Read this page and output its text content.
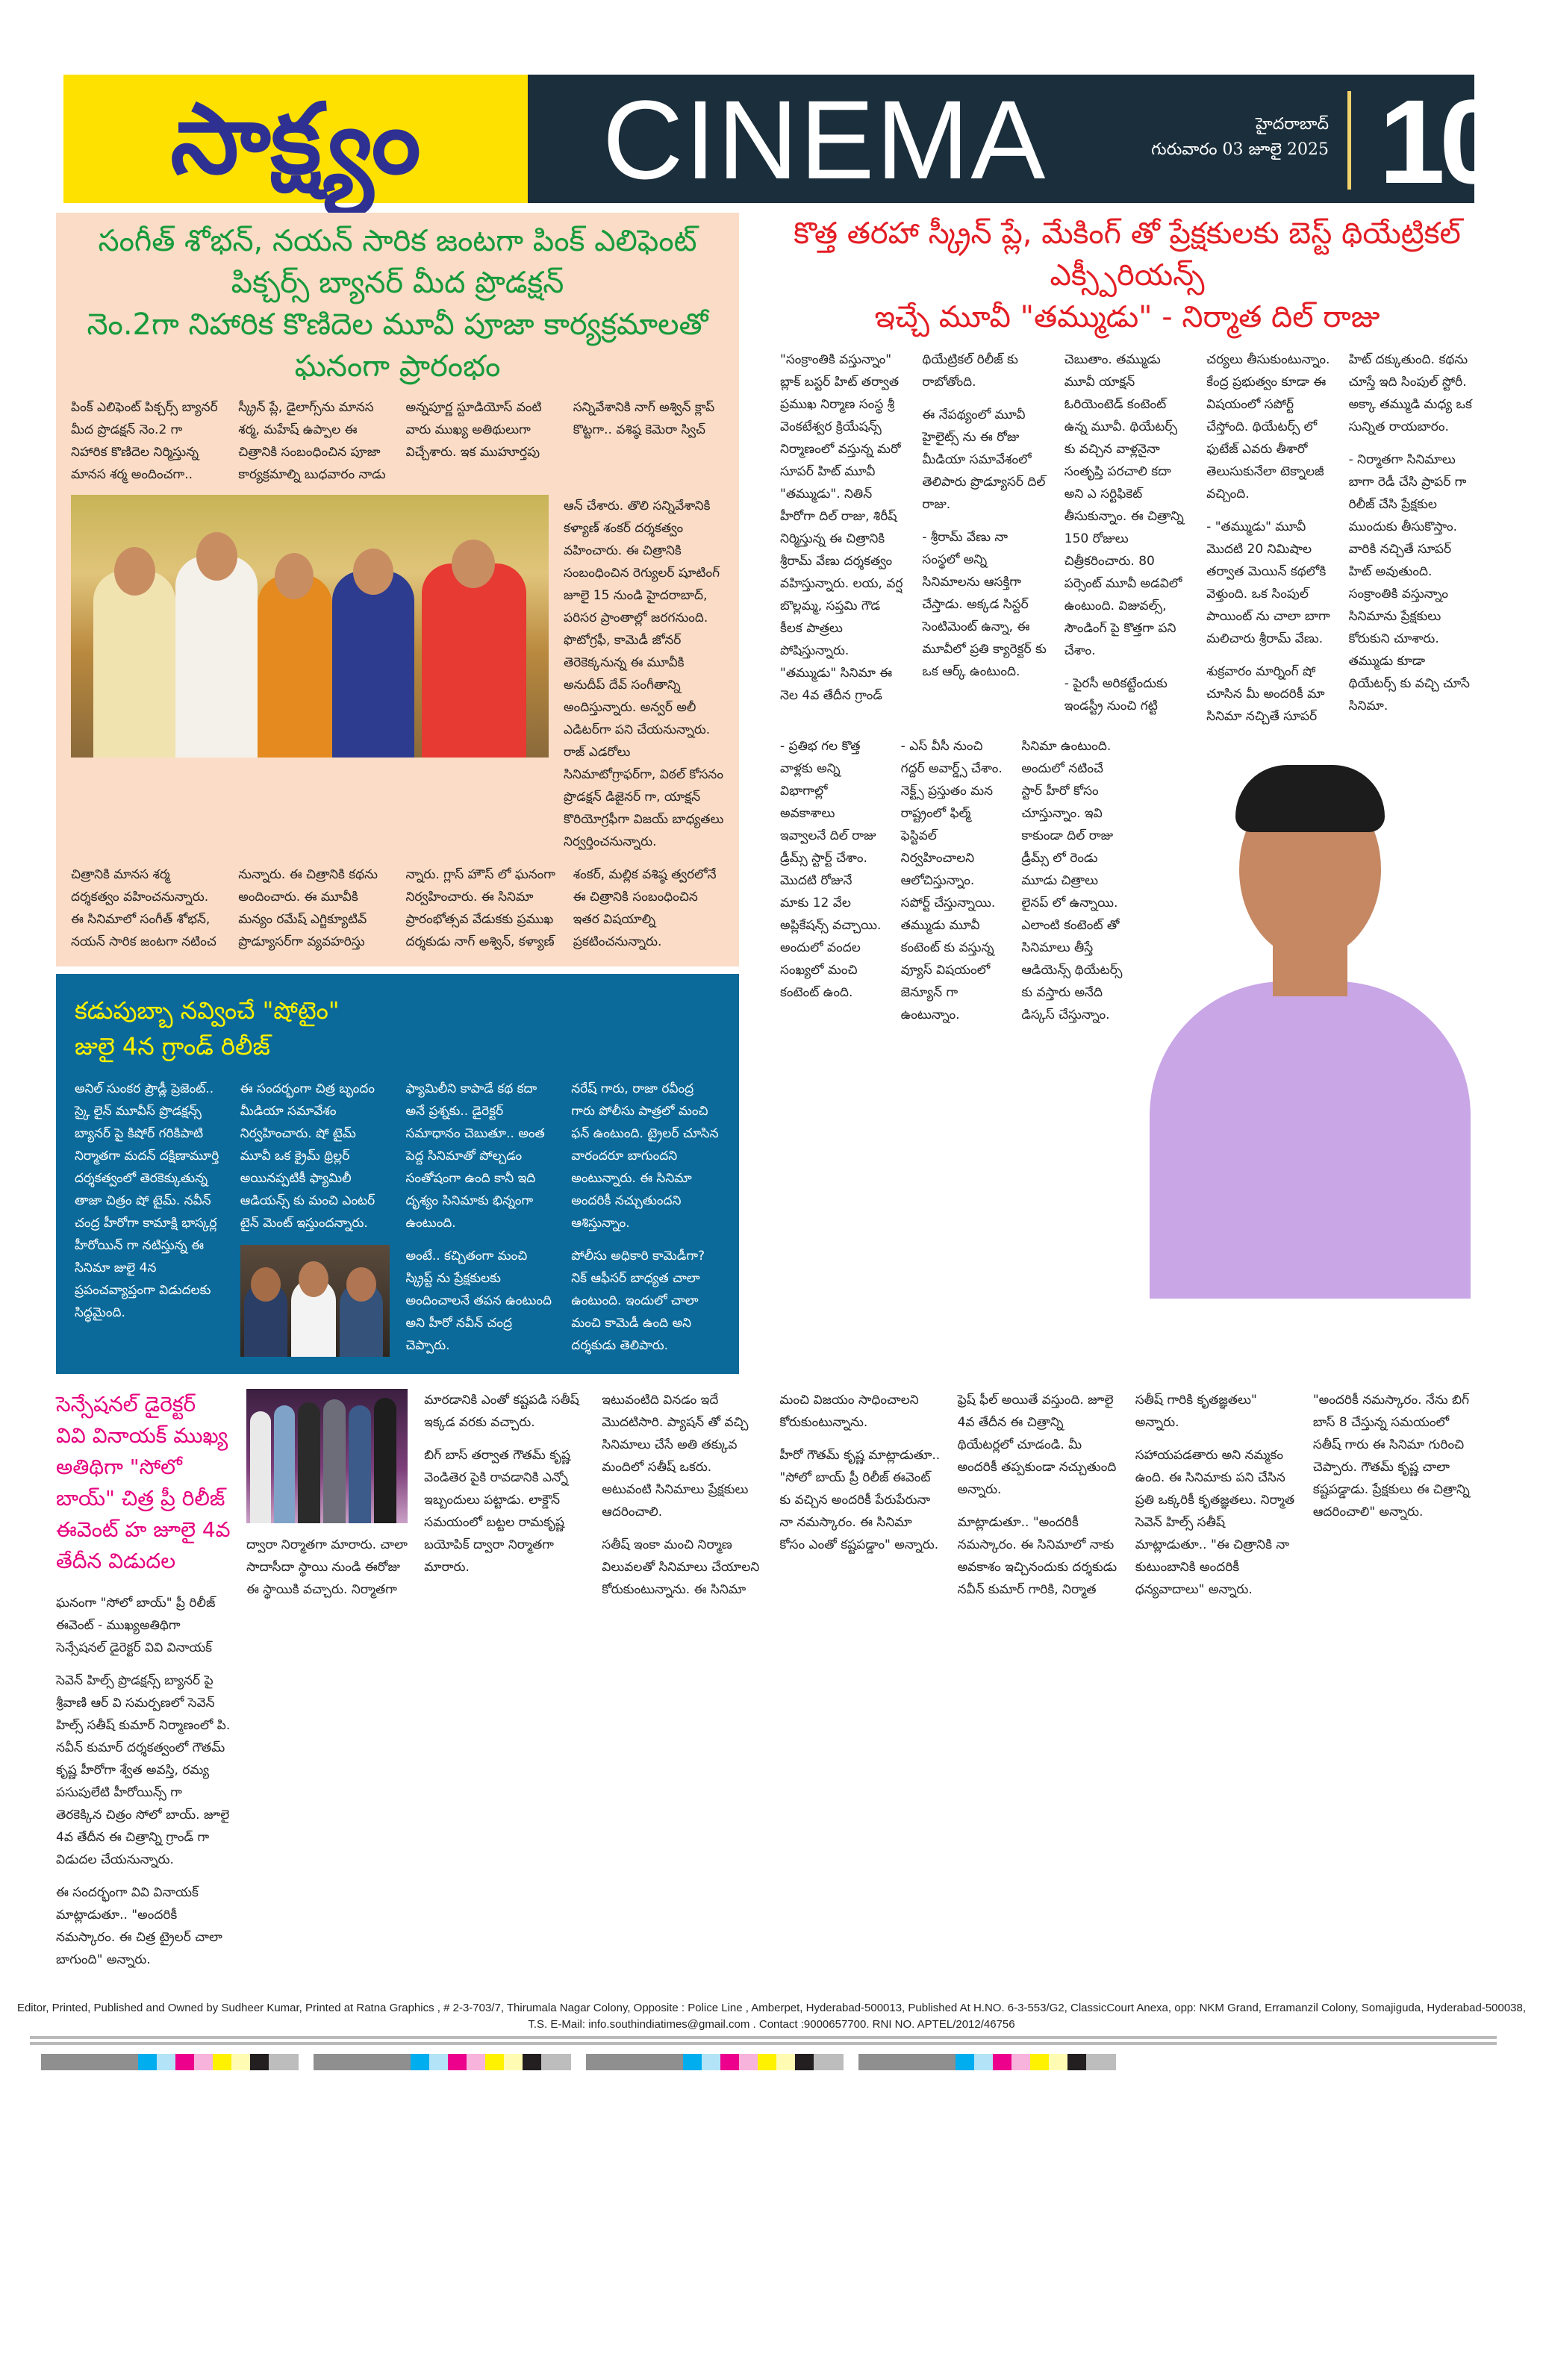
సాక్ష్యం CINEMA	హైదరాబాద్
గురువారం 03 జూలై 2025 10
సంగీత్ శోభన్, నయన్ సారిక జంటగా పింక్ ఎలిఫెంట్ పిక్చర్స్ బ్యానర్ మీద ప్రొడక్షన్
నెం.2గా నిహారిక కొణిదెల మూవీ పూజా కార్యక్రమాలతో ఘనంగా ప్రారంభం
పింక్ ఎలిఫెంట్ పిక్చర్స్ బ్యానర్ మీద ప్రొడక్షన్ నెం.2 గా నిహారిక కొణిదెల నిర్మిస్తున్న మానస శర్మ అందించగా.. స్క్రీన్ ప్లే, డైలాగ్స్‌ను మానస శర్మ, మహేష్ ఉప్పాల ఈ చిత్రానికి సంబంధించిన పూజా కార్యక్రమాల్ని బుధవారం నాడు అన్నపూర్ణ స్టూడియోస్ వంటి వారు ముఖ్య అతిథులుగా విచ్చేశారు. ఇక ముహూర్తపు సన్నివేశానికి నాగ్ అశ్విన్ క్లాప్ కొట్టగా.. వశిష్ఠ కెమెరా స్విచ్
ఆన్ చేశారు. తొలి సన్నివేశానికి కళ్యాణ్ శంకర్ దర్శకత్వం వహించారు. ఈ చిత్రానికి సంబంధించిన రెగ్యులర్ షూటింగ్ జూలై 15 నుండి హైదరాబాద్, పరిసర ప్రాంతాల్లో జరగనుంది. ఫొటోగ్రఫీ, కామెడీ జోనర్ తెరెకెక్కనున్న ఈ మూవీకి అనుదీప్ దేవ్ సంగీతాన్ని అందిస్తున్నారు. అన్వర్ అలీ ఎడిటర్‌గా పని చేయనున్నారు. రాజ్ ఎడరోలు సినిమాటోగ్రాఫర్‌గా, విఠల్ కోసనం ప్రొడక్షన్ డిజైనర్ గా, యాక్షన్ కొరియోగ్రఫీగా విజయ్ బాధ్యతలు నిర్వర్తించనున్నారు.
చిత్రానికి మానస శర్మ దర్శకత్వం వహించనున్నారు. ఈ సినిమాలో సంగీత్ శోభన్, నయన్ సారిక జంటగా నటించ నున్నారు. ఈ చిత్రానికి కథను అందించారు. ఈ మూవీకి మన్యం రమేష్ ఎగ్జిక్యూటివ్ ప్రొడ్యూసర్‌గా వ్యవహరిస్తు న్నారు. గ్లాస్ హౌస్ లో ఘనంగా నిర్వహించారు. ఈ సినిమా ప్రారంభోత్సవ వేడుకకు ప్రముఖ దర్శకుడు నాగ్ అశ్విన్, కళ్యాణ్ శంకర్, మల్లిక వశిష్ఠ త్వరలోనే ఈ చిత్రానికి సంబంధించిన ఇతర విషయాల్ని ప్రకటించనున్నారు.
కడుపుబ్బా నవ్వించే "షోటైం"
జులై 4న గ్రాండ్ రిలీజ్

అనిల్ సుంకర ప్రౌడ్లీ ప్రెజెంట్.. స్కై లైన్ మూవీస్ ప్రొడక్షన్స్ బ్యానర్ పై కిషోర్ గరికిపాటి నిర్మాతగా మదన్ దక్షిణామూర్తి దర్శకత్వంలో తెరకెక్కుతున్న తాజా చిత్రం షో టైమ్. నవీన్ చంద్ర హీరోగా కామాక్షి భాస్కర్ల హీరోయిన్ గా నటిస్తున్న ఈ సినిమా జులై 4న ప్రపంచవ్యాప్తంగా విడుదలకు సిద్ధమైంది.

ఈ సందర్భంగా చిత్ర బృందం మీడియా సమావేశం నిర్వహించారు. షో టైమ్ మూవీ ఒక క్రైమ్ థ్రిల్లర్ అయినప్పటికీ ఫ్యామిలీ ఆడియన్స్ కు మంచి ఎంటర్ టైన్ మెంట్ ఇస్తుందన్నారు.

ఫ్యామిలీని కాపాడే కథ కదా అనే ప్రశ్నకు.. డైరెక్టర్ సమాధానం చెబుతూ.. అంత పెద్ద సినిమాతో పోల్చడం సంతోషంగా ఉంది కానీ ఇది దృశ్యం సినిమాకు భిన్నంగా ఉంటుంది.

అంటే.. కచ్చితంగా మంచి స్క్రిప్ట్ ను ప్రేక్షకులకు అందించాలనే తపన ఉంటుంది అని హీరో నవీన్ చంద్ర చెప్పారు.

నరేష్ గారు, రాజా రవీంద్ర గారు పోలీసు పాత్రలో మంచి ఫన్ ఉంటుంది. ట్రైలర్ చూసిన వారందరూ బాగుందని అంటున్నారు. ఈ సినిమా అందరికీ నచ్చుతుందని ఆశిస్తున్నాం.

పోలీసు అధికారి కామెడీగా? నిక్ ఆఫీసర్ బాధ్యత చాలా ఉంటుంది. ఇందులో చాలా మంచి కామెడీ ఉంది అని దర్శకుడు తెలిపారు.

కొత్త తరహా స్క్రీన్ ప్లే, మేకింగ్ తో ప్రేక్షకులకు బెస్ట్ థియేట్రికల్ ఎక్స్పీరియన్స్
ఇచ్చే మూవీ "తమ్ముడు" - నిర్మాత దిల్ రాజు

"సంక్రాంతికి వస్తున్నాం" బ్లాక్ బస్టర్ హిట్ తర్వాత ప్రముఖ నిర్మాణ సంస్థ శ్రీ వెంకటేశ్వర క్రియేషన్స్ నిర్మాణంలో వస్తున్న మరో సూపర్ హిట్ మూవీ "తమ్ముడు". నితిన్ హీరోగా దిల్ రాజు, శిరీష్ నిర్మిస్తున్న ఈ చిత్రానికి శ్రీరామ్ వేణు దర్శకత్వం వహిస్తున్నారు. లయ, వర్ష బొల్లమ్మ, సప్తమి గౌడ కీలక పాత్రలు పోషిస్తున్నారు. "తమ్ముడు" సినిమా ఈ నెల 4వ తేదీన గ్రాండ్ థియేట్రికల్ రిలీజ్ కు రాబోతోంది.

ఈ నేపథ్యంలో మూవీ హైలైట్స్ ను ఈ రోజు మీడియా సమావేశంలో తెలిపారు ప్రొడ్యూసర్ దిల్ రాజు.

- శ్రీరామ్ వేణు నా సంస్థలో అన్ని సినిమాలను ఆసక్తిగా చేస్తాడు. అక్కడ సిస్టర్ సెంటిమెంట్ ఉన్నా, ఈ మూవీలో ప్రతి క్యారెక్టర్ కు ఒక ఆర్క్ ఉంటుంది.

చెబుతాం. తమ్ముడు మూవీ యాక్షన్ ఓరియెంటెడ్ కంటెంట్ ఉన్న మూవీ. థియేటర్స్ కు వచ్చిన వాళ్లనైనా సంతృప్తి పరచాలి కదా అని ఎ సర్టిఫికెట్ తీసుకున్నాం. ఈ చిత్రాన్ని 150 రోజులు చిత్రీకరించారు. 80 పర్సెంట్ మూవీ అడవిలో ఉంటుంది. విజువల్స్, సౌండింగ్ పై కొత్తగా పని చేశాం.

- పైరసీ అరికట్టేందుకు ఇండస్ట్రీ నుంచి గట్టి చర్యలు తీసుకుంటున్నాం. కేంద్ర ప్రభుత్వం కూడా ఈ విషయంలో సపోర్ట్ చేస్తోంది. థియేటర్స్ లో ఫుటేజ్ ఎవరు తీశారో తెలుసుకునేలా టెక్నాలజీ వచ్చింది.

- "తమ్ముడు" మూవీ మొదటి 20 నిమిషాల తర్వాత మెయిన్ కథలోకి వెళ్తుంది. ఒక సింపుల్ పాయింట్ ను చాలా బాగా మలిచారు శ్రీరామ్ వేణు.

శుక్రవారం మార్నింగ్ షో చూసిన మీ అందరికీ మా సినిమా నచ్చితే సూపర్ హిట్ దక్కుతుంది. కథను చూస్తే ఇది సింపుల్ స్టోరీ. అక్కా తమ్ముడి మధ్య ఒక సున్నిత రాయబారం.

- నిర్మాతగా సినిమాలు బాగా రెడీ చేసి ప్రాపర్ గా రిలీజ్ చేసి ప్రేక్షకుల ముందుకు తీసుకొస్తాం. వారికి నచ్చితే సూపర్ హిట్ అవుతుంది. సంక్రాంతికి వస్తున్నాం సినిమాను ప్రేక్షకులు కోరుకుని చూశారు. తమ్ముడు కూడా థియేటర్స్ కు వచ్చి చూసే సినిమా.

- ప్రతిభ గల కొత్త వాళ్లకు అన్ని విభాగాల్లో అవకాశాలు ఇవ్వాలనే దిల్ రాజు డ్రీమ్స్ స్టార్ట్ చేశాం. మొదటి రోజునే మాకు 12 వేల అప్లికేషన్స్ వచ్చాయి. అందులో వందల సంఖ్యలో మంచి కంటెంట్ ఉంది.

- ఎస్ వీసీ నుంచి గద్దర్ అవార్డ్స్ చేశాం. నెక్ట్స్ ప్రస్తుతం మన రాష్ట్రంలో ఫిల్మ్ ఫెస్టివల్ నిర్వహించాలని ఆలోచిస్తున్నాం. సపోర్ట్ చేస్తున్నాయి. తమ్ముడు మూవీ కంటెంట్ కు వస్తున్న వ్యూస్ విషయంలో జెన్యూన్ గా ఉంటున్నాం.

సినిమా ఉంటుంది. అందులో నటించే స్టార్ హీరో కోసం చూస్తున్నాం. ఇవి కాకుండా దిల్ రాజు డ్రీమ్స్ లో రెండు మూడు చిత్రాలు లైనప్ లో ఉన్నాయి. ఎలాంటి కంటెంట్ తో సినిమాలు తీస్తే ఆడియెన్స్ థియేటర్స్ కు వస్తారు అనేది డిస్కస్ చేస్తున్నాం.

సెన్సేషనల్ డైరెక్టర్ వివి వినాయక్ ముఖ్య అతిథిగా "సోలో బాయ్" చిత్ర ప్రీ రిలీజ్ ఈవెంట్ హ జూలై 4వ తేదీన విడుదల

ఘనంగా "సోలో బాయ్" ప్రీ రిలీజ్ ఈవెంట్ - ముఖ్యఅతిథిగా సెన్సేషనల్ డైరెక్టర్ వివి వినాయక్

సెవెన్ హిల్స్ ప్రొడక్షన్స్ బ్యానర్ పై శ్రీవాణి ఆర్ వి సమర్పణలో సెవెన్ హిల్స్ సతీష్ కుమార్ నిర్మాణంలో పి. నవీన్ కుమార్ దర్శకత్వంలో గౌతమ్ కృష్ణ హీరోగా శ్వేత అవస్తి, రమ్య పసుపులేటి హీరోయిన్స్ గా తెరకెక్కిన చిత్రం సోలో బాయ్. జూలై 4వ తేదీన ఈ చిత్రాన్ని గ్రాండ్ గా విడుదల చేయనున్నారు.

ఈ సందర్భంగా వివి వినాయక్ మాట్లాడుతూ.. "అందరికీ నమస్కారం. ఈ చిత్ర ట్రైలర్ చాలా బాగుంది" అన్నారు.

ద్వారా నిర్మాతగా మారారు. చాలా సాదాసీదా స్థాయి నుండి ఈరోజు ఈ స్థాయికి వచ్చారు. నిర్మాతగా మారడానికి ఎంతో కష్టపడి సతీష్ ఇక్కడ వరకు వచ్చారు.

బిగ్ బాస్ తర్వాత గౌతమ్ కృష్ణ వెండితెర పైకి రావడానికి ఎన్నో ఇబ్బందులు పట్టాడు. లాక్డౌన్ సమయంలో బట్టల రామకృష్ణ బయోపిక్ ద్వారా నిర్మాతగా మారారు.

ఇటువంటిది వినడం ఇదే మొదటిసారి. ప్యాషన్ తో వచ్చి సినిమాలు చేసే అతి తక్కువ మందిలో సతీష్ ఒకరు. అటువంటి సినిమాలు ప్రేక్షకులు ఆదరించాలి.

సతీష్ ఇంకా మంచి నిర్మాణ విలువలతో సినిమాలు చేయాలని కోరుకుంటున్నాను. ఈ సినిమా మంచి విజయం సాధించాలని కోరుకుంటున్నాను.

హీరో గౌతమ్ కృష్ణ మాట్లాడుతూ.. "సోలో బాయ్ ప్రీ రిలీజ్ ఈవెంట్ కు వచ్చిన అందరికీ పేరుపేరునా నా నమస్కారం. ఈ సినిమా కోసం ఎంతో కష్టపడ్డాం" అన్నారు.

ఫ్రెష్ ఫీల్ అయితే వస్తుంది. జూలై 4వ తేదీన ఈ చిత్రాన్ని థియేటర్లలో చూడండి. మీ అందరికీ తప్పకుండా నచ్చుతుంది అన్నారు.

మాట్లాడుతూ.. "అందరికీ నమస్కారం. ఈ సినిమాలో నాకు అవకాశం ఇచ్చినందుకు దర్శకుడు నవీన్ కుమార్ గారికి, నిర్మాత సతీష్ గారికి కృతజ్ఞతలు" అన్నారు.

సహాయపడతారు అని నమ్మకం ఉంది. ఈ సినిమాకు పని చేసిన ప్రతి ఒక్కరికీ కృతజ్ఞతలు. నిర్మాత సెవెన్ హిల్స్ సతీష్ మాట్లాడుతూ.. "ఈ చిత్రానికి నా కుటుంబానికి అందరికీ ధన్యవాదాలు" అన్నారు.

"అందరికీ నమస్కారం. నేను బిగ్ బాస్ 8 చేస్తున్న సమయంలో సతీష్ గారు ఈ సినిమా గురించి చెప్పారు. గౌతమ్ కృష్ణ చాలా కష్టపడ్డాడు. ప్రేక్షకులు ఈ చిత్రాన్ని ఆదరించాలి" అన్నారు.

Editor, Printed, Published and Owned by Sudheer Kumar, Printed at Ratna Graphics , # 2-3-703/7, Thirumala Nagar Colony, Opposite : Police Line , Amberpet, Hyderabad-500013, Published At H.NO. 6-3-553/G2, ClassicCourt Anexa, opp: NKM Grand, Erramanzil Colony, Somajiguda, Hyderabad-500038,
T.S. E-Mail: info.southindiatimes@gmail.com . Contact :9000657700. RNI NO. APTEL/2012/46756
